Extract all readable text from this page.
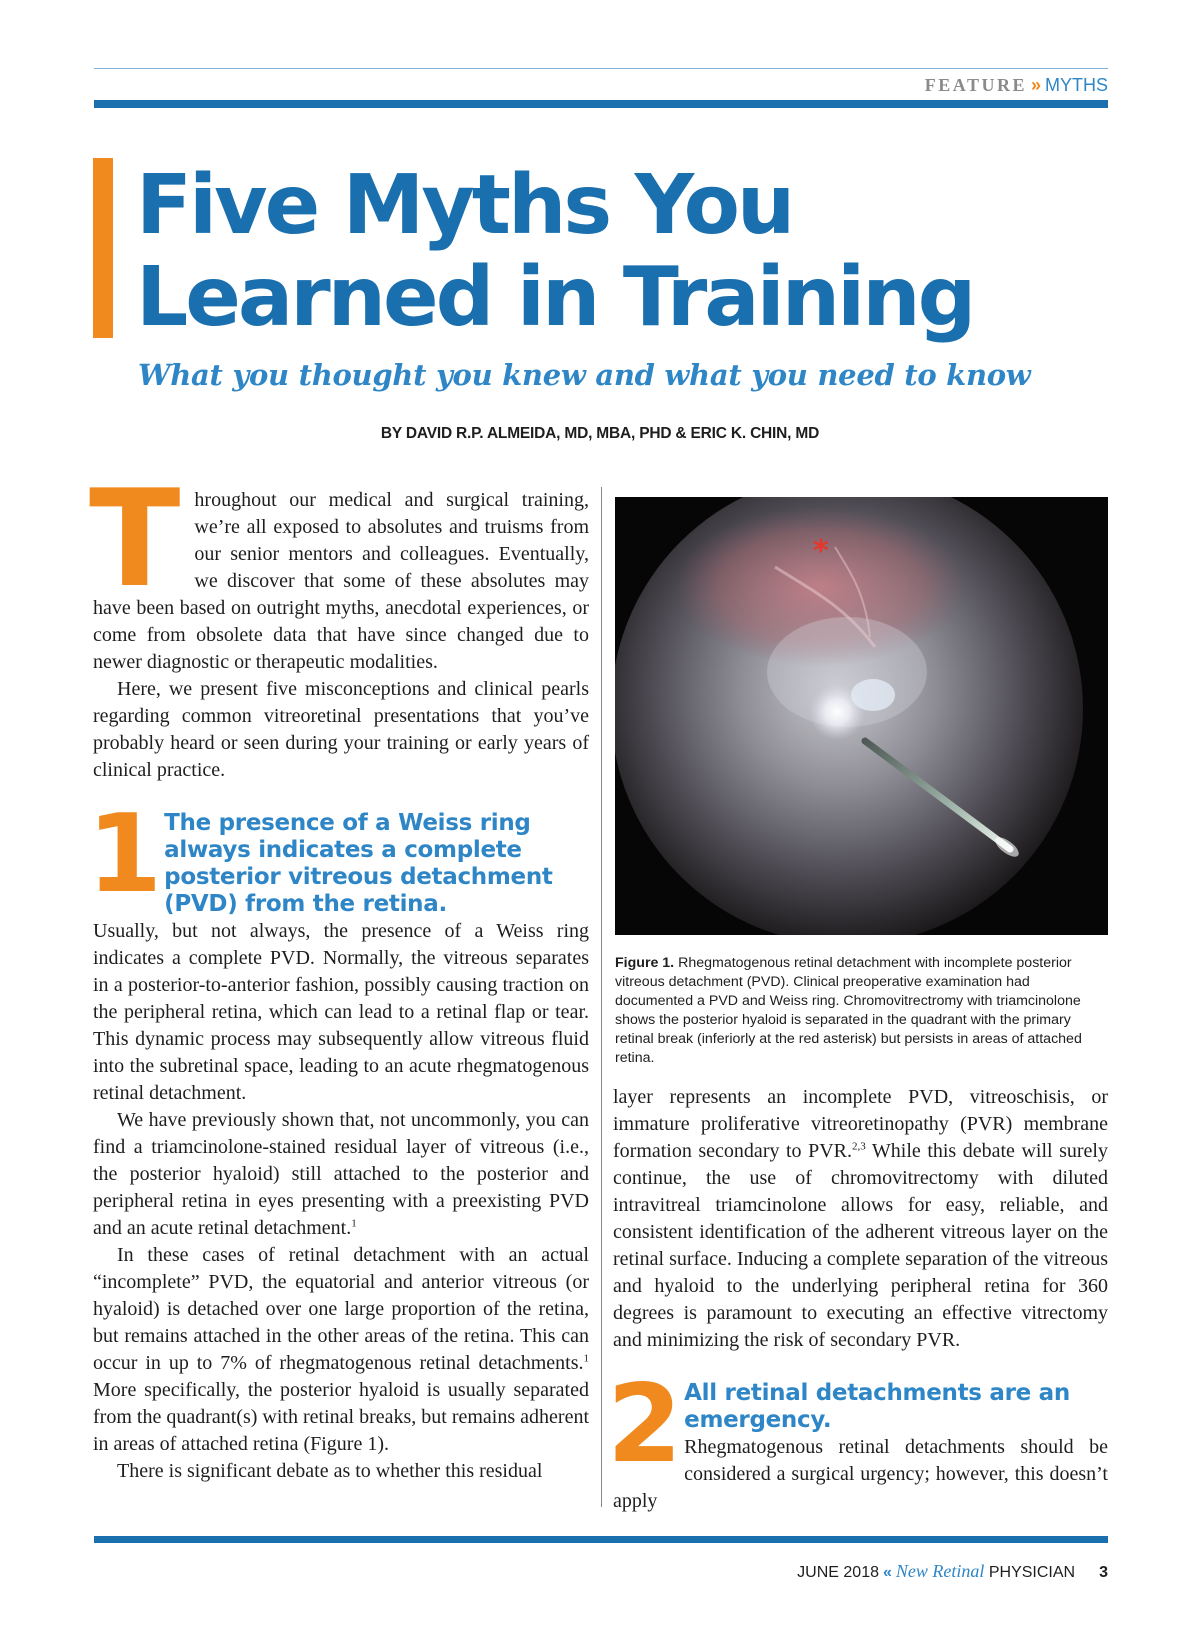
FEATURE » MYTHS
Five Myths You
Learned in Training
What you thought you knew and what you need to know
BY DAVID R.P. ALMEIDA, MD, MBA, PHD & ERIC K. CHIN, MD

Throughout our medical and surgical training, we’re all exposed to absolutes and truisms from our senior mentors and colleagues. Eventually, we discover that some of these absolutes may have been based on outright myths, anecdotal experiences, or come from obsolete data that have since changed due to newer diagnostic or therapeutic modalities.

Here, we present five misconceptions and clinical pearls regarding common vitreoretinal presentations that you’ve probably heard or seen during your training or early years of clinical practice.

1 The presence of a Weiss ring always indicates a complete posterior vitreous detachment (PVD) from the retina.

Usually, but not always, the presence of a Weiss ring indicates a complete PVD. Normally, the vitreous separates in a posterior-to-anterior fashion, possibly causing traction on the peripheral retina, which can lead to a retinal flap or tear. This dynamic process may subsequently allow vitreous fluid into the subretinal space, leading to an acute rhegmatogenous retinal detachment.

We have previously shown that, not uncommonly, you can find a triamcinolone-stained residual layer of vitreous (i.e., the posterior hyaloid) still attached to the posterior and peripheral retina in eyes presenting with a preexisting PVD and an acute retinal detachment.$^1$

In these cases of retinal detachment with an actual “incomplete” PVD, the equatorial and anterior vitreous (or hyaloid) is detached over one large proportion of the retina, but remains attached in the other areas of the retina. This can occur in up to 7% of rhegmatogenous retinal detachments.$^1$ More specifically, the posterior hyaloid is usually separated from the quadrant(s) with retinal breaks, but remains adherent in areas of attached retina (Figure 1).

There is significant debate as to whether this residual

*
Figure 1. Rhegmatogenous retinal detachment with incomplete posterior vitreous detachment (PVD). Clinical preoperative examination had documented a PVD and Weiss ring. Chromovitrectromy with triamcinolone shows the posterior hyaloid is separated in the quadrant with the primary retinal break (inferiorly at the red asterisk) but persists in areas of attached retina.

layer represents an incomplete PVD, vitreoschisis, or immature proliferative vitreoretinopathy (PVR) membrane formation secondary to PVR.$^{2,3}$ While this debate will surely continue, the use of chromovitrectomy with diluted intravitreal triamcinolone allows for easy, reliable, and consistent identification of the adherent vitreous layer on the retinal surface. Inducing a complete separation of the vitreous and hyaloid to the underlying peripheral retina for 360 degrees is paramount to executing an effective vitrectomy and minimizing the risk of secondary PVR.

2 All retinal detachments are an emergency.

Rhegmatogenous retinal detachments should be considered a surgical urgency; however, this doesn’t apply

JUNE 2018 « New Retinal PHYSICIAN 3
